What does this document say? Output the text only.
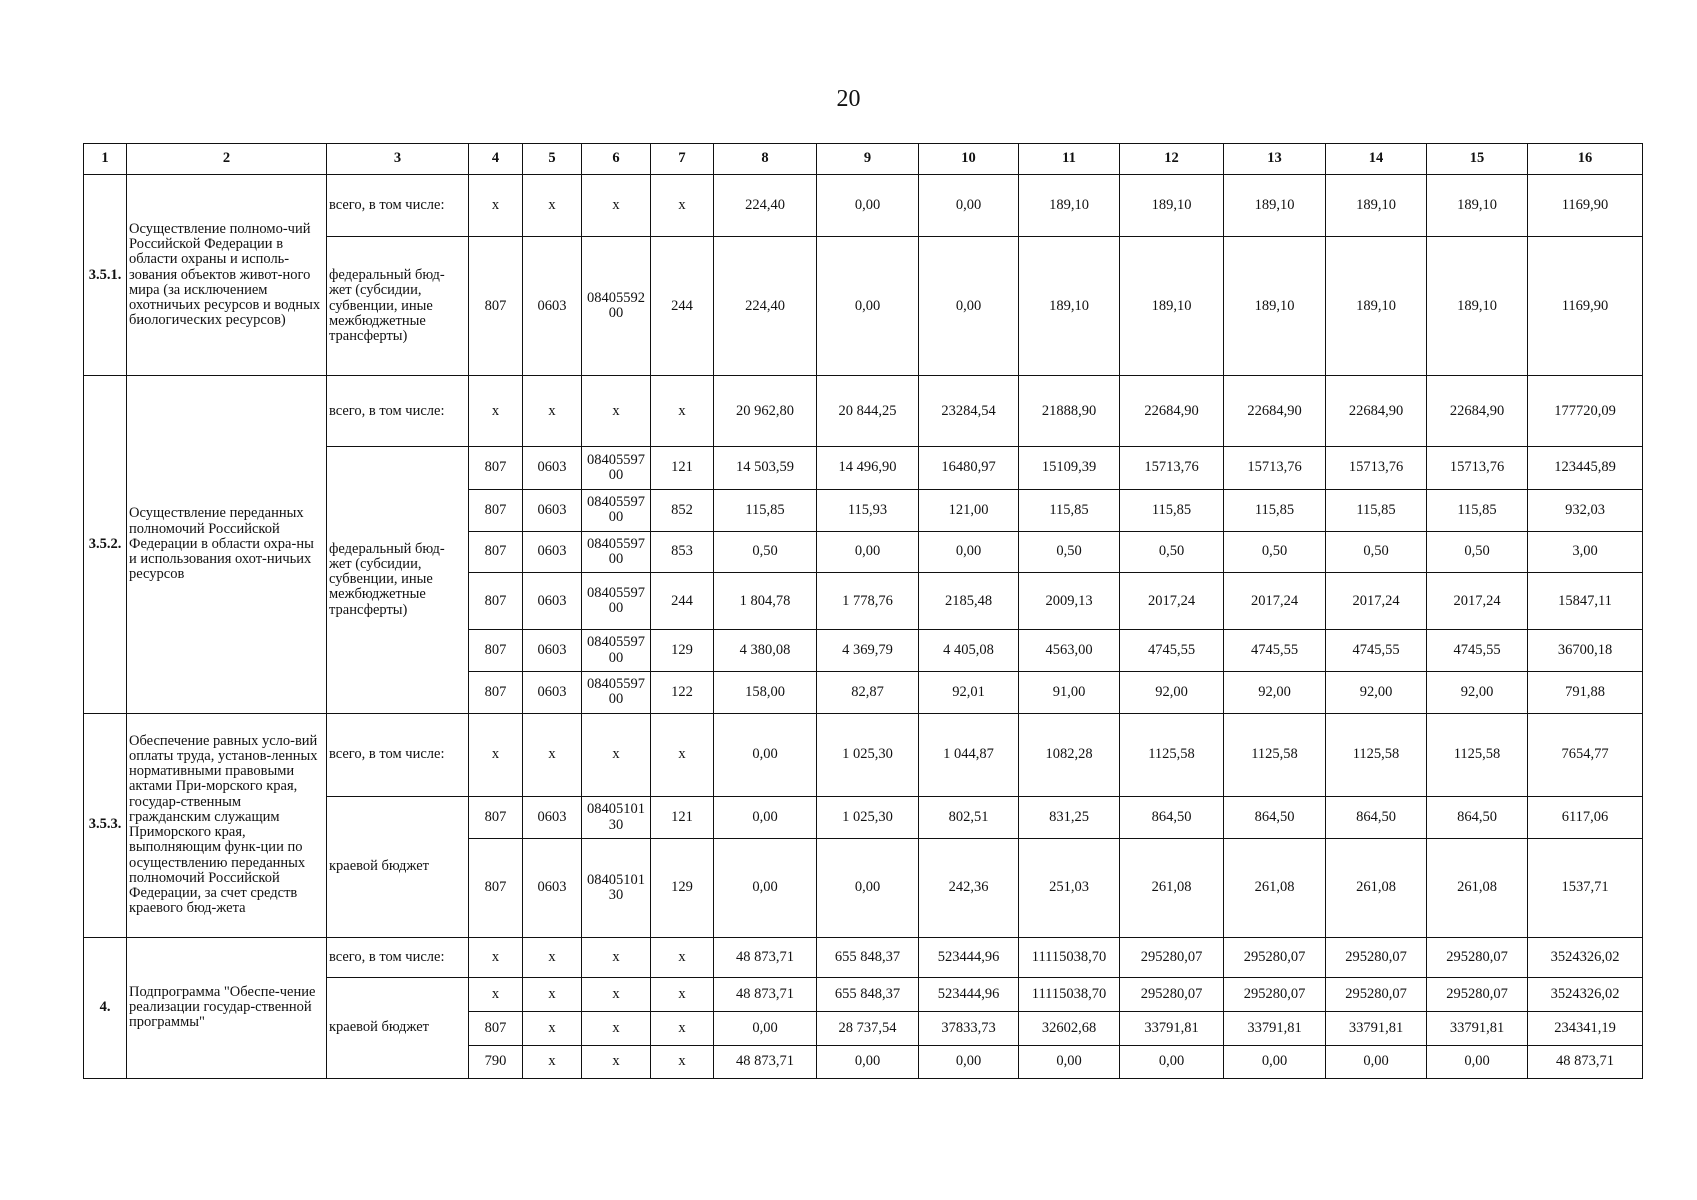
20
1	2	3	4	5	6	7	8	9	10	11	12	13	14	15	16
3.5.1.	Осуществление полномо-чий Российской Федерации в области охраны и исполь-зования объектов живот-ного мира (за исключением охотничьих ресурсов и водных биологических ресурсов)	всего, в том числе:	x	x	x	x	224,40	0,00	0,00	189,10	189,10	189,10	189,10	189,10	1169,90
		федеральный бюд-жет (субсидии, субвенции, иные межбюджетные трансферты)	807	0603	0840559200	244	224,40	0,00	0,00	189,10	189,10	189,10	189,10	189,10	1169,90
3.5.2.	Осуществление переданных полномочий Российской Федерации в области охра-ны и использования охот-ничьих ресурсов	всего, в том числе:	x	x	x	x	20 962,80	20 844,25	23284,54	21888,90	22684,90	22684,90	22684,90	22684,90	177720,09
		федеральный бюд-жет (субсидии, субвенции, иные межбюджетные трансферты)	807	0603	0840559700	121	14 503,59	14 496,90	16480,97	15109,39	15713,76	15713,76	15713,76	15713,76	123445,89
			807	0603	0840559700	852	115,85	115,93	121,00	115,85	115,85	115,85	115,85	115,85	932,03
			807	0603	0840559700	853	0,50	0,00	0,00	0,50	0,50	0,50	0,50	0,50	3,00
			807	0603	0840559700	244	1 804,78	1 778,76	2185,48	2009,13	2017,24	2017,24	2017,24	2017,24	15847,11
			807	0603	0840559700	129	4 380,08	4 369,79	4 405,08	4563,00	4745,55	4745,55	4745,55	4745,55	36700,18
			807	0603	0840559700	122	158,00	82,87	92,01	91,00	92,00	92,00	92,00	92,00	791,88
3.5.3.	Обеспечение равных усло-вий оплаты труда, установ-ленных нормативными правовыми актами При-морского края, государ-ственным гражданским служащим Приморского края, выполняющим функ-ции по осуществлению переданных полномочий Российской Федерации, за счет средств краевого бюд-жета	всего, в том числе:	x	x	x	x	0,00	1 025,30	1 044,87	1082,28	1125,58	1125,58	1125,58	1125,58	7654,77
		краевой бюджет	807	0603	0840510130	121	0,00	1 025,30	802,51	831,25	864,50	864,50	864,50	864,50	6117,06
			807	0603	0840510130	129	0,00	0,00	242,36	251,03	261,08	261,08	261,08	261,08	1537,71
4.	Подпрограмма "Обеспе-чение реализации государ-ственной программы"	всего, в том числе:	x	x	x	x	48 873,71	655 848,37	523444,96	11115038,70	295280,07	295280,07	295280,07	295280,07	3524326,02
		краевой бюджет	x	x	x	x	48 873,71	655 848,37	523444,96	11115038,70	295280,07	295280,07	295280,07	295280,07	3524326,02
			807	x	x	x	0,00	28 737,54	37833,73	32602,68	33791,81	33791,81	33791,81	33791,81	234341,19
			790	x	x	x	48 873,71	0,00	0,00	0,00	0,00	0,00	0,00	0,00	48 873,71
